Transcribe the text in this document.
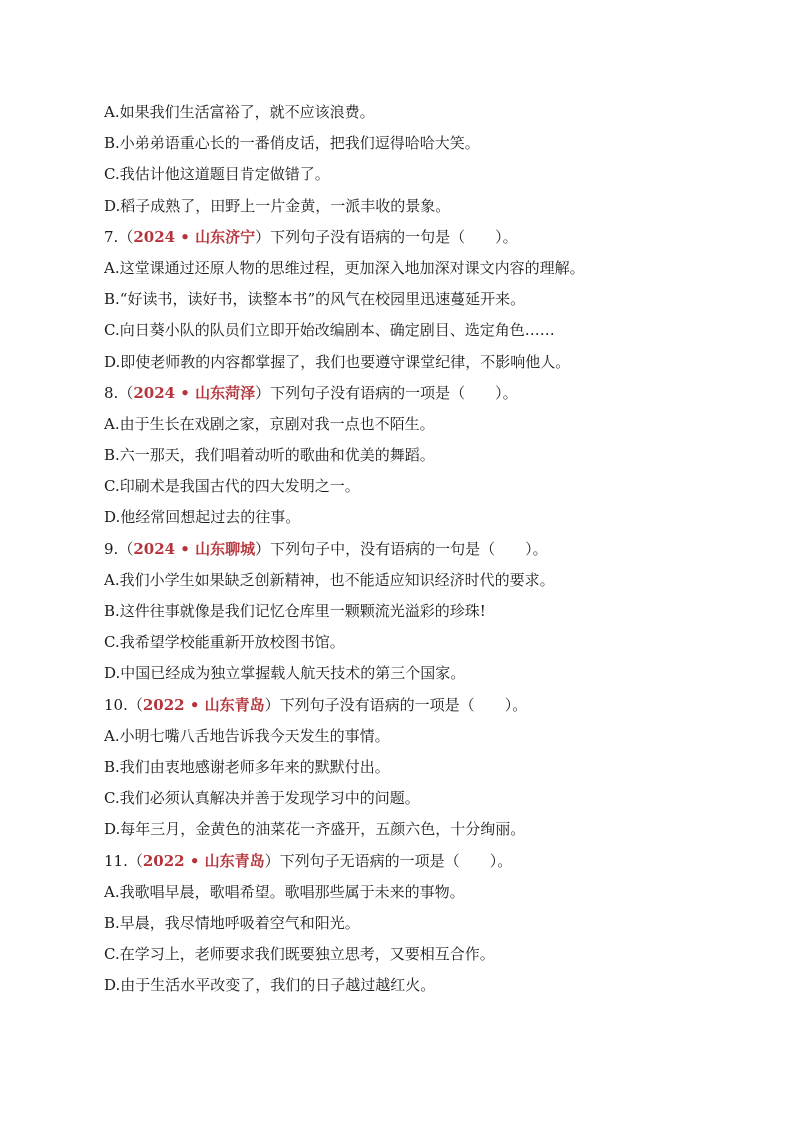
A.如果我们生活富裕了，就不应该浪费。
B.小弟弟语重心长的一番俏皮话，把我们逗得哈哈大笑。
C.我估计他这道题目肯定做错了。
D.稻子成熟了，田野上一片金黄，一派丰收的景象。
7.（2024 • 山东济宁）下列句子没有语病的一句是（ ）。
A.这堂课通过还原人物的思维过程，更加深入地加深对课文内容的理解。
B.“好读书，读好书，读整本书”的风气在校园里迅速蔓延开来。
C.向日葵小队的队员们立即开始改编剧本、确定剧目、选定角色……
D.即使老师教的内容都掌握了，我们也要遵守课堂纪律，不影响他人。
8.（2024 • 山东菏泽）下列句子没有语病的一项是（ ）。
A.由于生长在戏剧之家，京剧对我一点也不陌生。
B.六一那天，我们唱着动听的歌曲和优美的舞蹈。
C.印刷术是我国古代的四大发明之一。
D.他经常回想起过去的往事。
9.（2024 • 山东聊城）下列句子中，没有语病的一句是（ ）。
A.我们小学生如果缺乏创新精神，也不能适应知识经济时代的要求。
B.这件往事就像是我们记忆仓库里一颗颗流光溢彩的珍珠!
C.我希望学校能重新开放校图书馆。
D.中国已经成为独立掌握载人航天技术的第三个国家。
10.（2022 • 山东青岛）下列句子没有语病的一项是（ ）。
A.小明七嘴八舌地告诉我今天发生的事情。
B.我们由衷地感谢老师多年来的默默付出。
C.我们必须认真解决并善于发现学习中的问题。
D.每年三月，金黄色的油菜花一齐盛开，五颜六色，十分绚丽。
11.（2022 • 山东青岛）下列句子无语病的一项是（ ）。
A.我歌唱早晨，歌唱希望。歌唱那些属于未来的事物。
B.早晨，我尽情地呼吸着空气和阳光。
C.在学习上，老师要求我们既要独立思考，又要相互合作。
D.由于生活水平改变了，我们的日子越过越红火。
